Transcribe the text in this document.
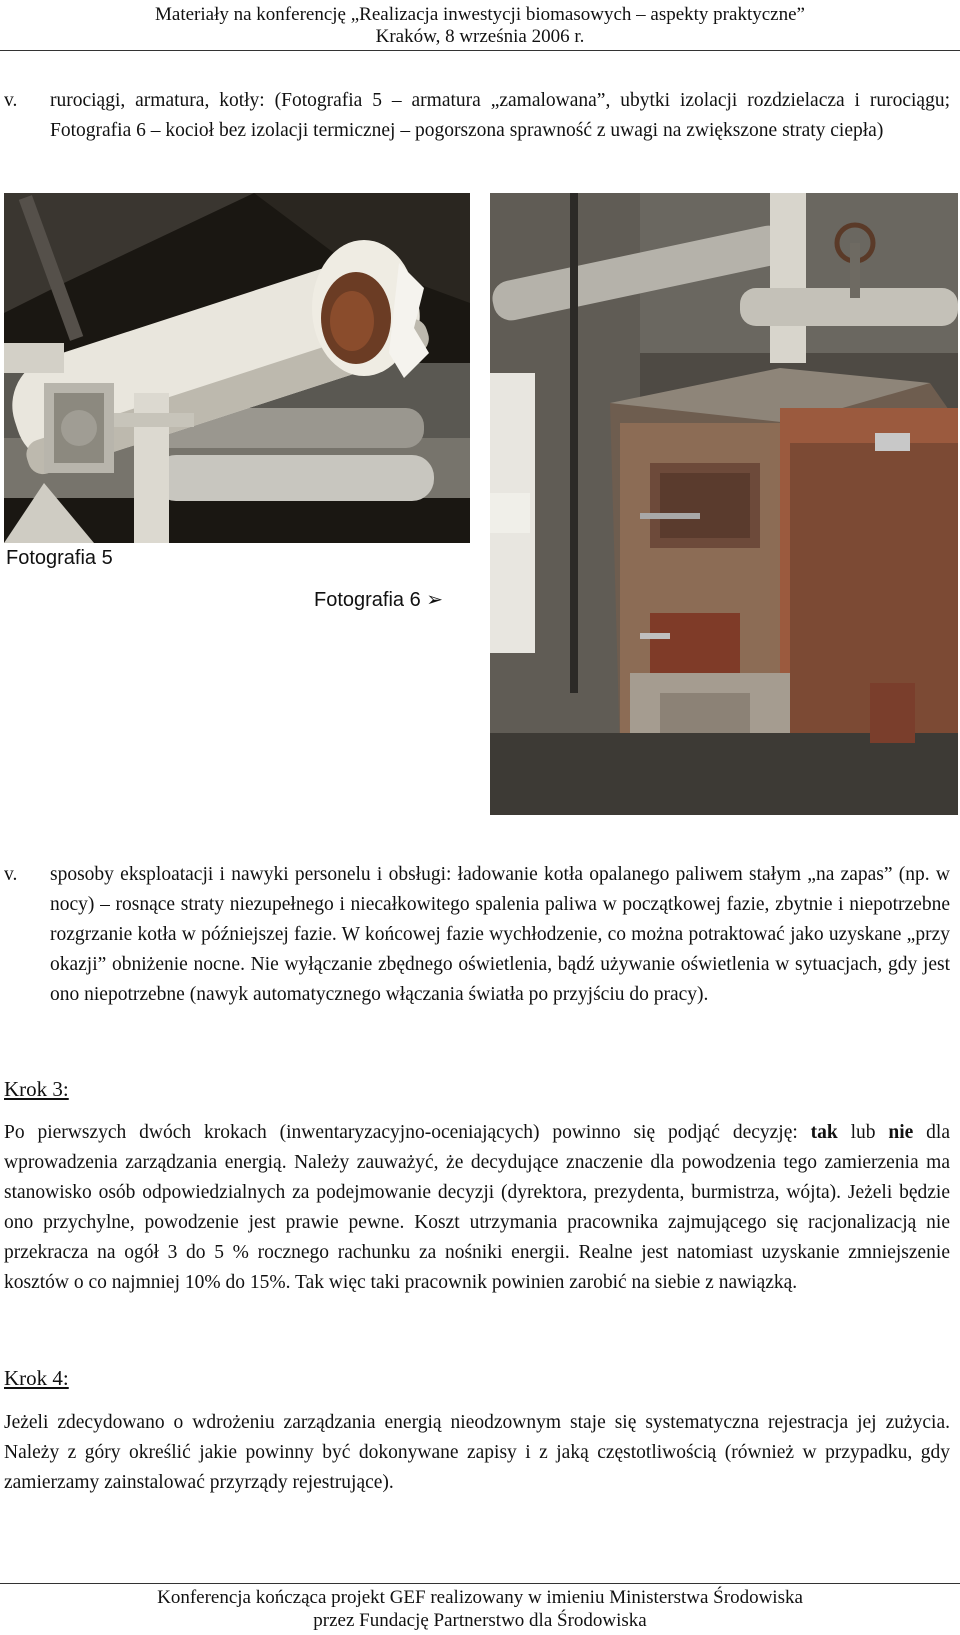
Materiały na konferencję „Realizacja inwestycji biomasowych – aspekty praktyczne”
Kraków, 8 września 2006 r.
v. rurociągi, armatura, kotły: (Fotografia 5 – armatura „zamalowana”, ubytki izolacji rozdzielacza i rurociągu; Fotografia 6 – kocioł bez izolacji termicznej – pogorszona sprawność z uwagi na zwiększone straty ciepła)
Fotografia 5
Fotografia 6 ➢
v. sposoby eksploatacji i nawyki personelu i obsługi: ładowanie kotła opalanego paliwem stałym „na zapas” (np. w nocy) – rosnące straty niezupełnego i niecałkowitego spalenia paliwa w początkowej fazie, zbytnie i niepotrzebne rozgrzanie kotła w późniejszej fazie. W końcowej fazie wychłodzenie, co można potraktować jako uzyskane „przy okazji” obniżenie nocne. Nie wyłączanie zbędnego oświetlenia, bądź używanie oświetlenia w sytuacjach, gdy jest ono niepotrzebne (nawyk automatycznego włączania światła po przyjściu do pracy).
Krok 3:
Po pierwszych dwóch krokach (inwentaryzacyjno-oceniających) powinno się podjąć decyzję: tak lub nie dla wprowadzenia zarządzania energią. Należy zauważyć, że decydujące znaczenie dla powodzenia tego zamierzenia ma stanowisko osób odpowiedzialnych za podejmowanie decyzji (dyrektora, prezydenta, burmistrza, wójta). Jeżeli będzie ono przychylne, powodzenie jest prawie pewne. Koszt utrzymania pracownika zajmującego się racjonalizacją nie przekracza na ogół 3 do 5 % rocznego rachunku za nośniki energii. Realne jest natomiast uzyskanie zmniejszenie kosztów o co najmniej 10% do 15%. Tak więc taki pracownik powinien zarobić na siebie z nawiązką.
Krok 4:
Jeżeli zdecydowano o wdrożeniu zarządzania energią nieodzownym staje się systematyczna rejestracja jej zużycia. Należy z góry określić jakie powinny być dokonywane zapisy i z jaką częstotliwością (również w przypadku, gdy zamierzamy zainstalować przyrządy rejestrujące).
Konferencja kończąca projekt GEF realizowany w imieniu Ministerstwa Środowiska
przez Fundację Partnerstwo dla Środowiska
